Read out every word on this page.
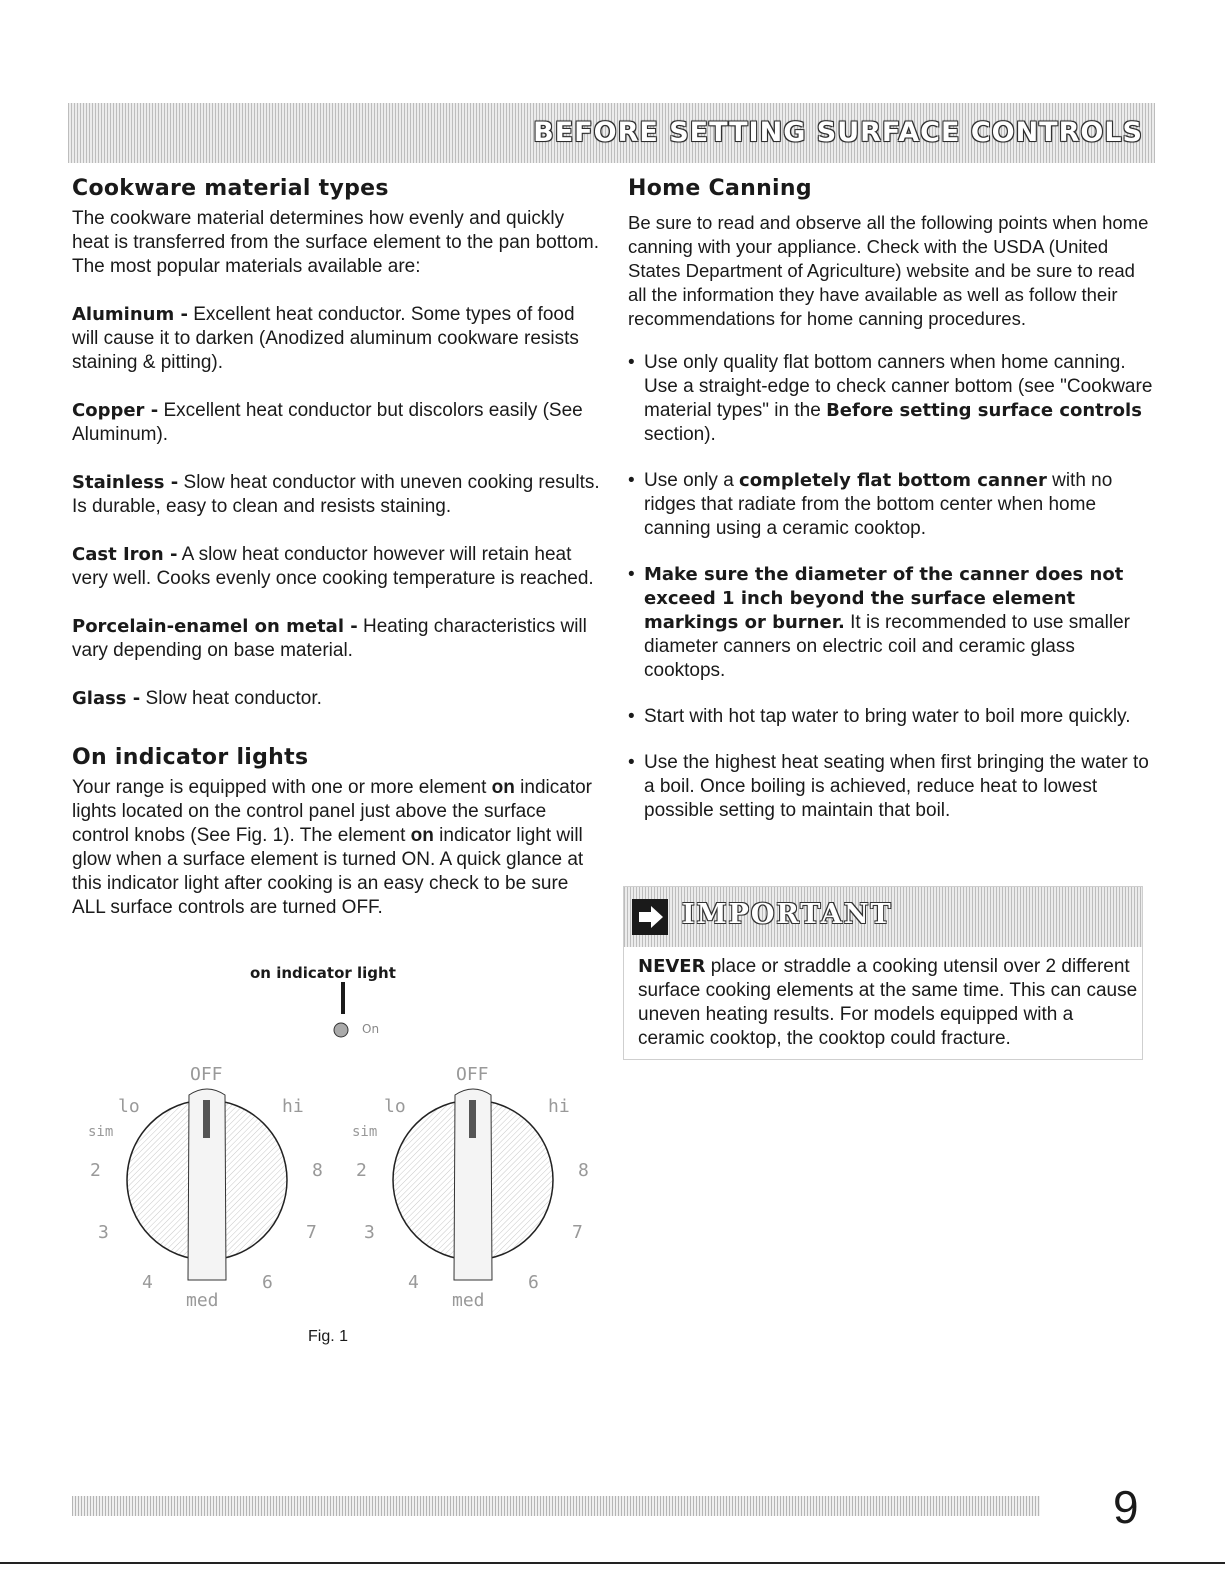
BEFORE SETTING SURFACE CONTROLS
Cookware material types

The cookware material determines how evenly and quickly heat is transferred from the surface element to the pan bottom. The most popular materials available are:

Aluminum - Excellent heat conductor. Some types of food will cause it to darken (Anodized aluminum cookware resists staining & pitting).

Copper - Excellent heat conductor but discolors easily (See Aluminum).

Stainless - Slow heat conductor with uneven cooking results. Is durable, easy to clean and resists staining.

Cast Iron - A slow heat conductor however will retain heat very well. Cooks evenly once cooking temperature is reached.

Porcelain-enamel on metal - Heating characteristics will vary depending on base material.

Glass - Slow heat conductor.

On indicator lights

Your range is equipped with one or more element on indicator lights located on the control panel just above the surface control knobs (See Fig. 1). The element on indicator light will glow when a surface element is turned ON. A quick glance at this indicator light after cooking is an easy check to be sure ALL surface controls are turned OFF.

on indicator light
On
OFF
lo	hi
sim
2	8
3	7
4	6
med
OFF
lo	hi
sim
2	8
3	7
4	6
med
Fig. 1
Home Canning

Be sure to read and observe all the following points when home canning with your appliance. Check with the USDA (United States Department of Agriculture) website and be sure to read all the information they have available as well as follow their recommendations for home canning procedures.

• Use only quality flat bottom canners when home canning. Use a straight-edge to check canner bottom (see "Cookware material types" in the Before setting surface controls section).
• Use only a completely flat bottom canner with no ridges that radiate from the bottom center when home canning using a ceramic cooktop.
• Make sure the diameter of the canner does not exceed 1 inch beyond the surface element markings or burner. It is recommended to use smaller diameter canners on electric coil and ceramic glass cooktops.
• Start with hot tap water to bring water to boil more quickly.
• Use the highest heat seating when first bringing the water to a boil. Once boiling is achieved, reduce heat to lowest possible setting to maintain that boil.
IMPORTANT

NEVER place or straddle a cooking utensil over 2 different surface cooking elements at the same time. This can cause uneven heating results. For models equipped with a ceramic cooktop, the cooktop could fracture.

9
